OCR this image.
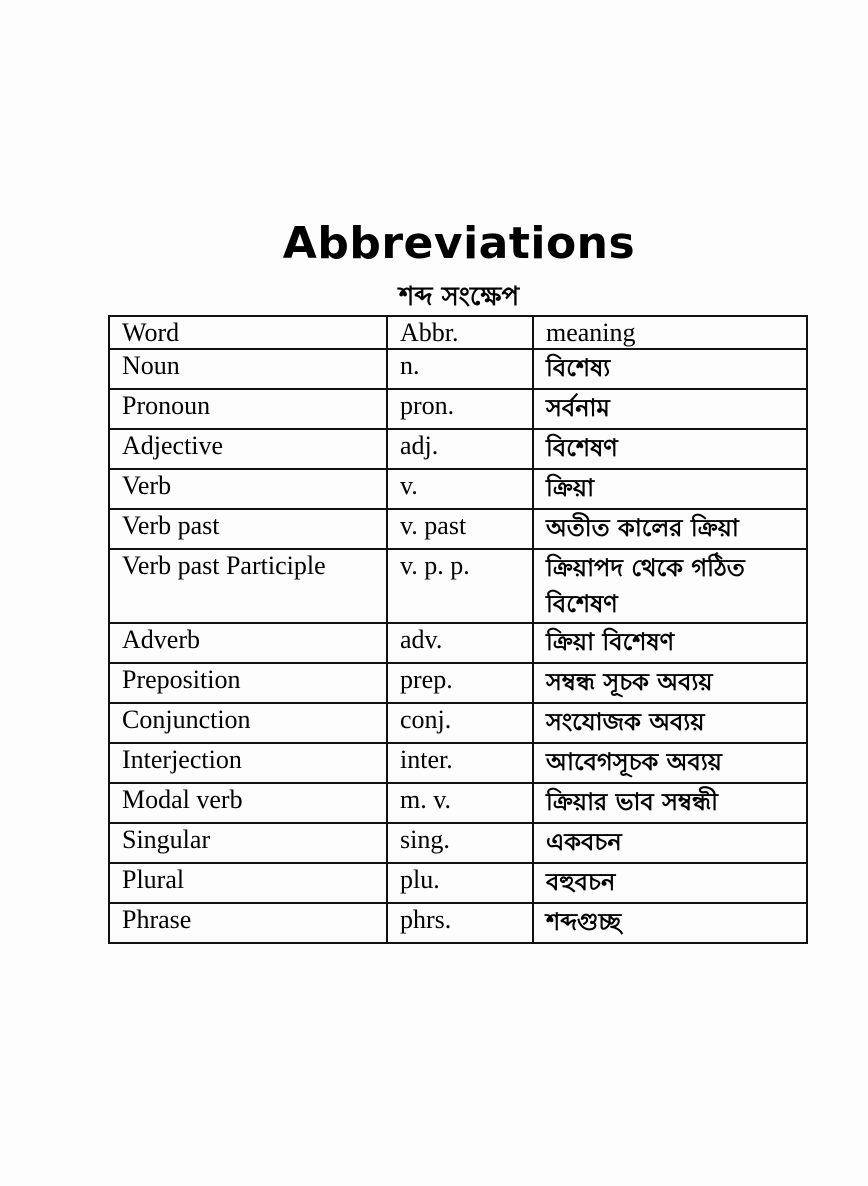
Abbreviations
শব্দ সংক্ষেপ
Word	Abbr.	meaning
Noun	n.	বিশেষ্য
Pronoun	pron.	সর্বনাম
Adjective	adj.	বিশেষণ
Verb	v.	ক্রিয়া
Verb past	v. past	অতীত কালের ক্রিয়া
Verb past Participle	v. p. p.	ক্রিয়াপদ থেকে গঠিত বিশেষণ
Adverb	adv.	ক্রিয়া বিশেষণ
Preposition	prep.	সম্বন্ধ সূচক অব্যয়
Conjunction	conj.	সংযোজক অব্যয়
Interjection	inter.	আবেগসূচক অব্যয়
Modal verb	m. v.	ক্রিয়ার ভাব সম্বন্ধী
Singular	sing.	একবচন
Plural	plu.	বহুবচন
Phrase	phrs.	শব্দগুচ্ছ
